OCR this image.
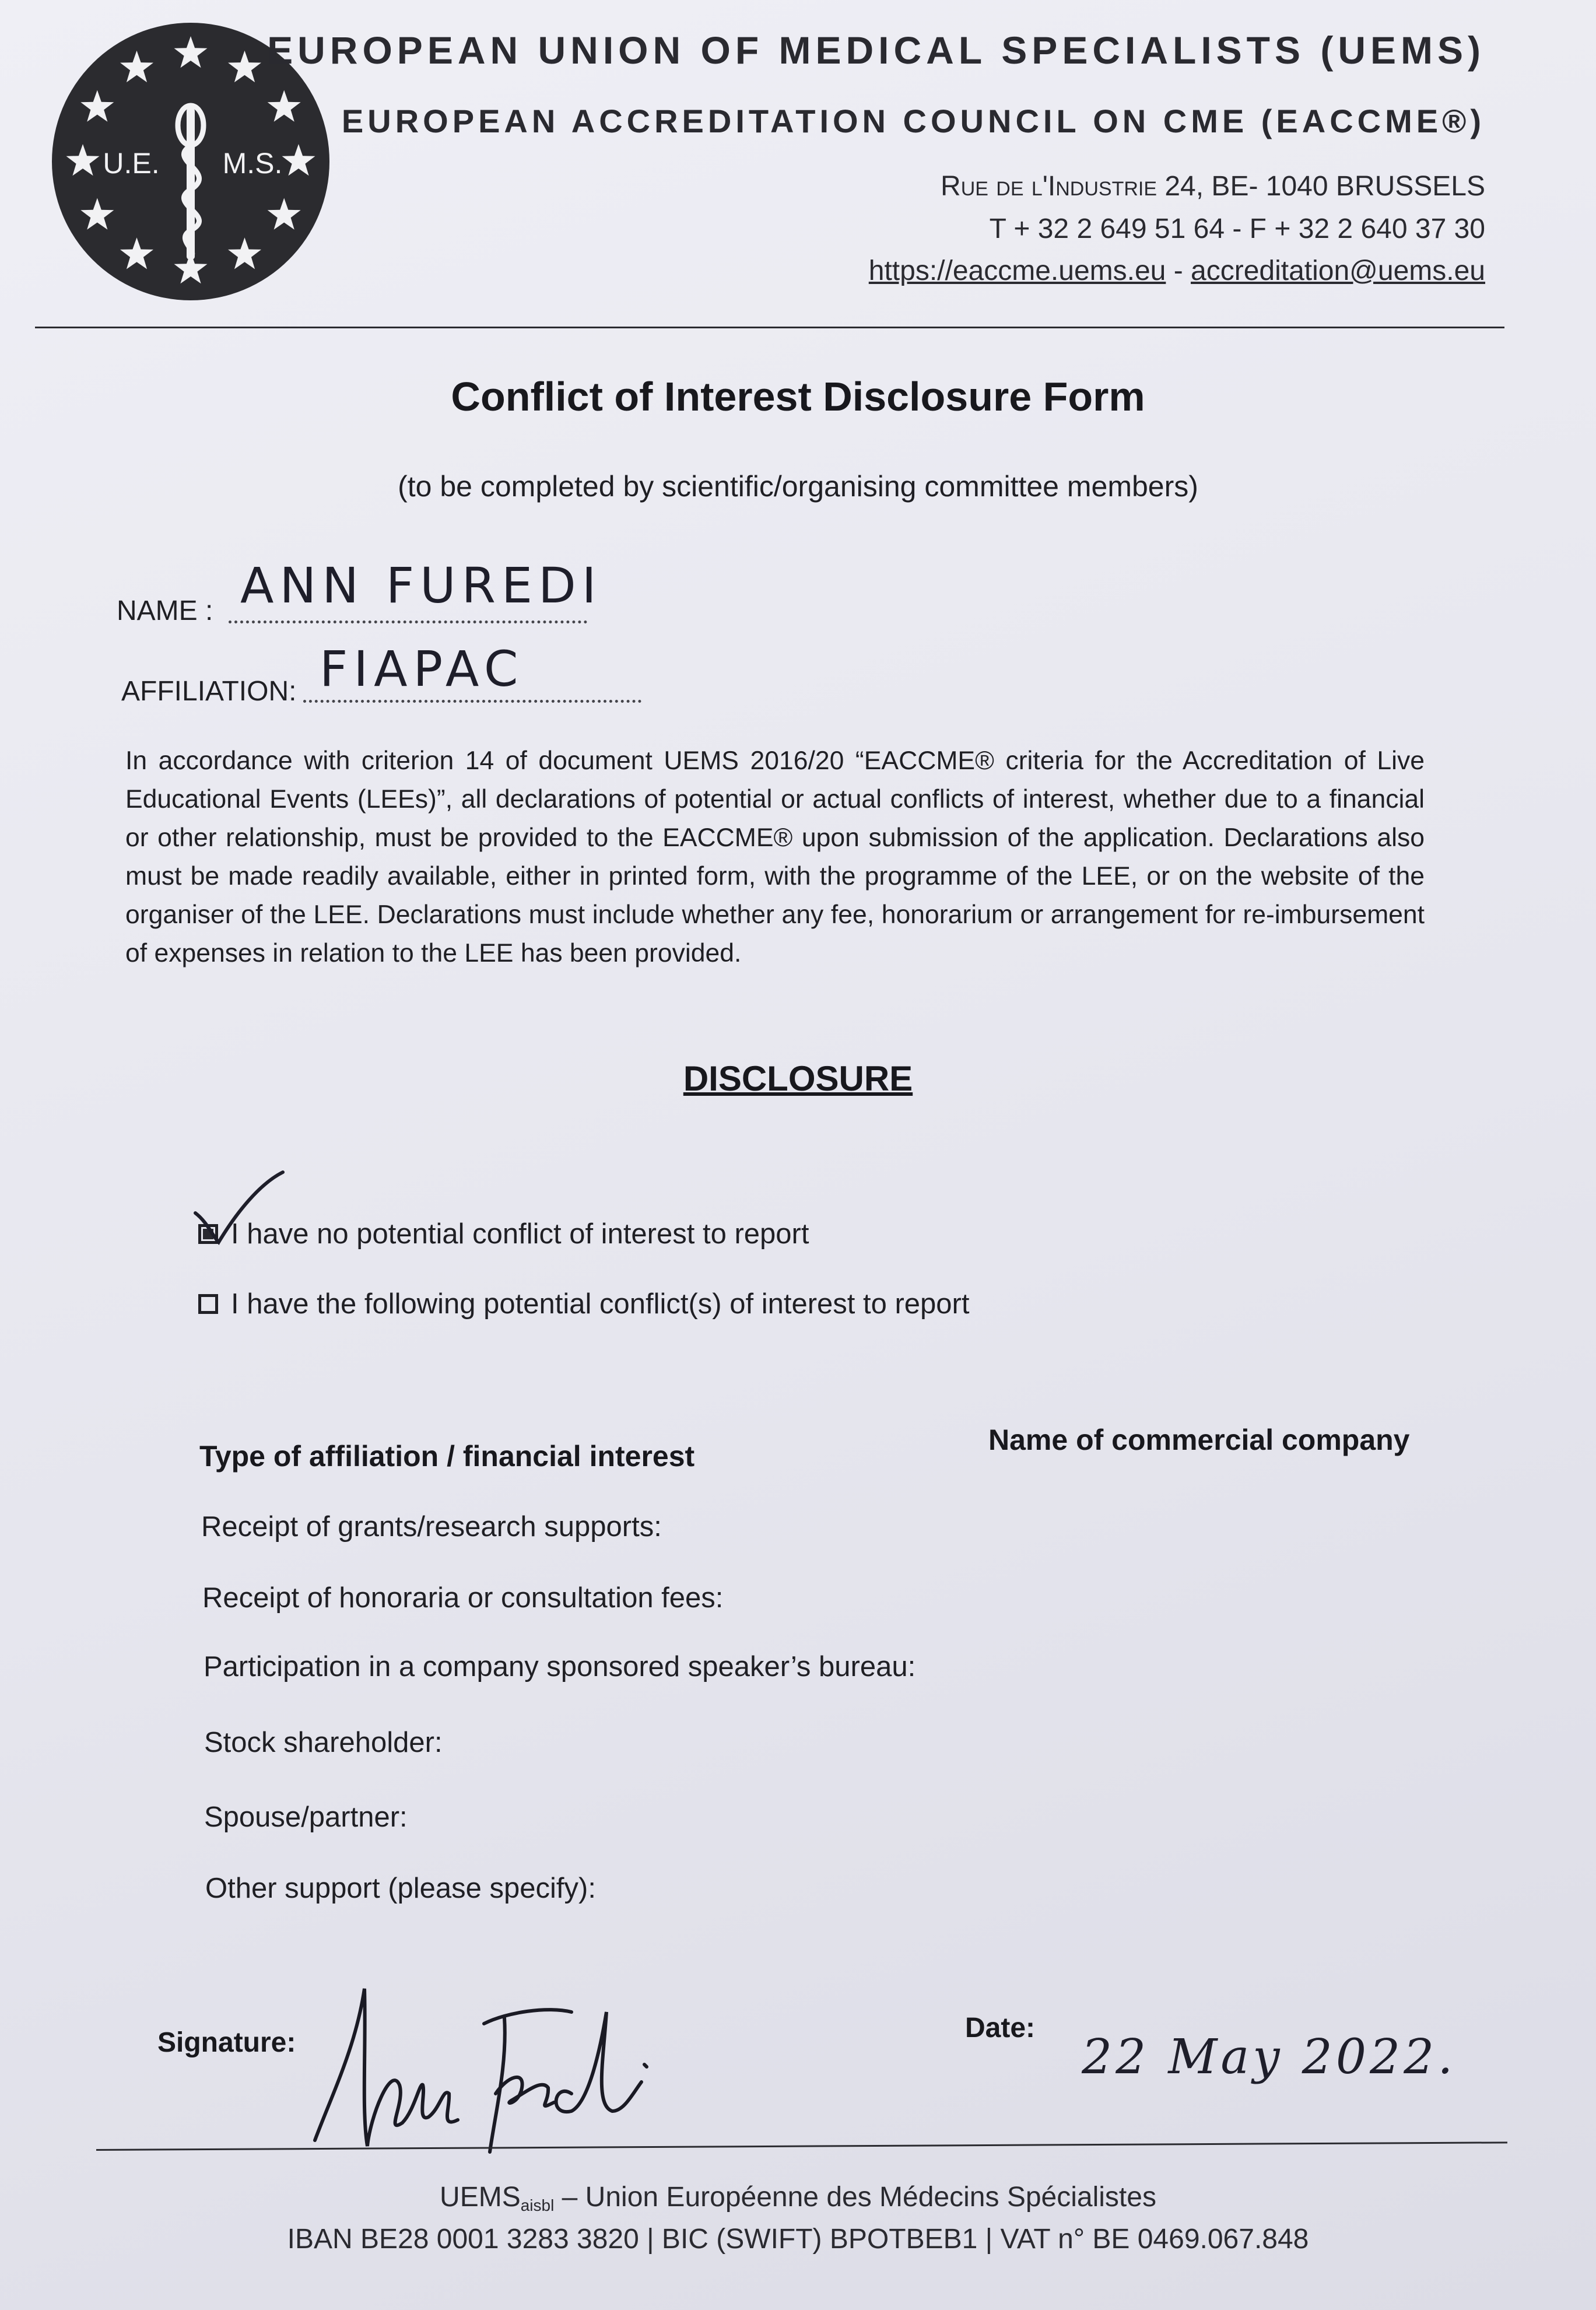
U.E. M.S.
EUROPEAN UNION OF MEDICAL SPECIALISTS (UEMS)
EUROPEAN ACCREDITATION COUNCIL ON CME (EACCME®)
Rue de l'Industrie 24, BE- 1040 BRUSSELS
T + 32 2 649 51 64 - F + 32 2 640 37 30
https://eaccme.uems.eu - accreditation@uems.eu
Conflict of Interest Disclosure Form
(to be completed by scientific/organising committee members)
NAME : ANN FUREDI
AFFILIATION: FIAPAC
In accordance with criterion 14 of document UEMS 2016/20 “EACCME® criteria for the Accreditation of Live Educational Events (LEEs)”, all declarations of potential or actual conflicts of interest, whether due to a financial or other relationship, must be provided to the EACCME® upon submission of the application. Declarations also must be made readily available, either in printed form, with the programme of the LEE, or on the website of the organiser of the LEE. Declarations must include whether any fee, honorarium or arrangement for re-imbursement of expenses in relation to the LEE has been provided.
DISCLOSURE
I have no potential conflict of interest to report
I have the following potential conflict(s) of interest to report
Type of affiliation / financial interest	Name of commercial company
Receipt of grants/research supports:
Receipt of honoraria or consultation fees:
Participation in a company sponsored speaker’s bureau:
Stock shareholder:
Spouse/partner:
Other support (please specify):
Signature:	Date:
22 May 2022.
UEMSaisbl – Union Européenne des Médecins Spécialistes
IBAN BE28 0001 3283 3820 | BIC (SWIFT) BPOTBEB1 | VAT n° BE 0469.067.848
